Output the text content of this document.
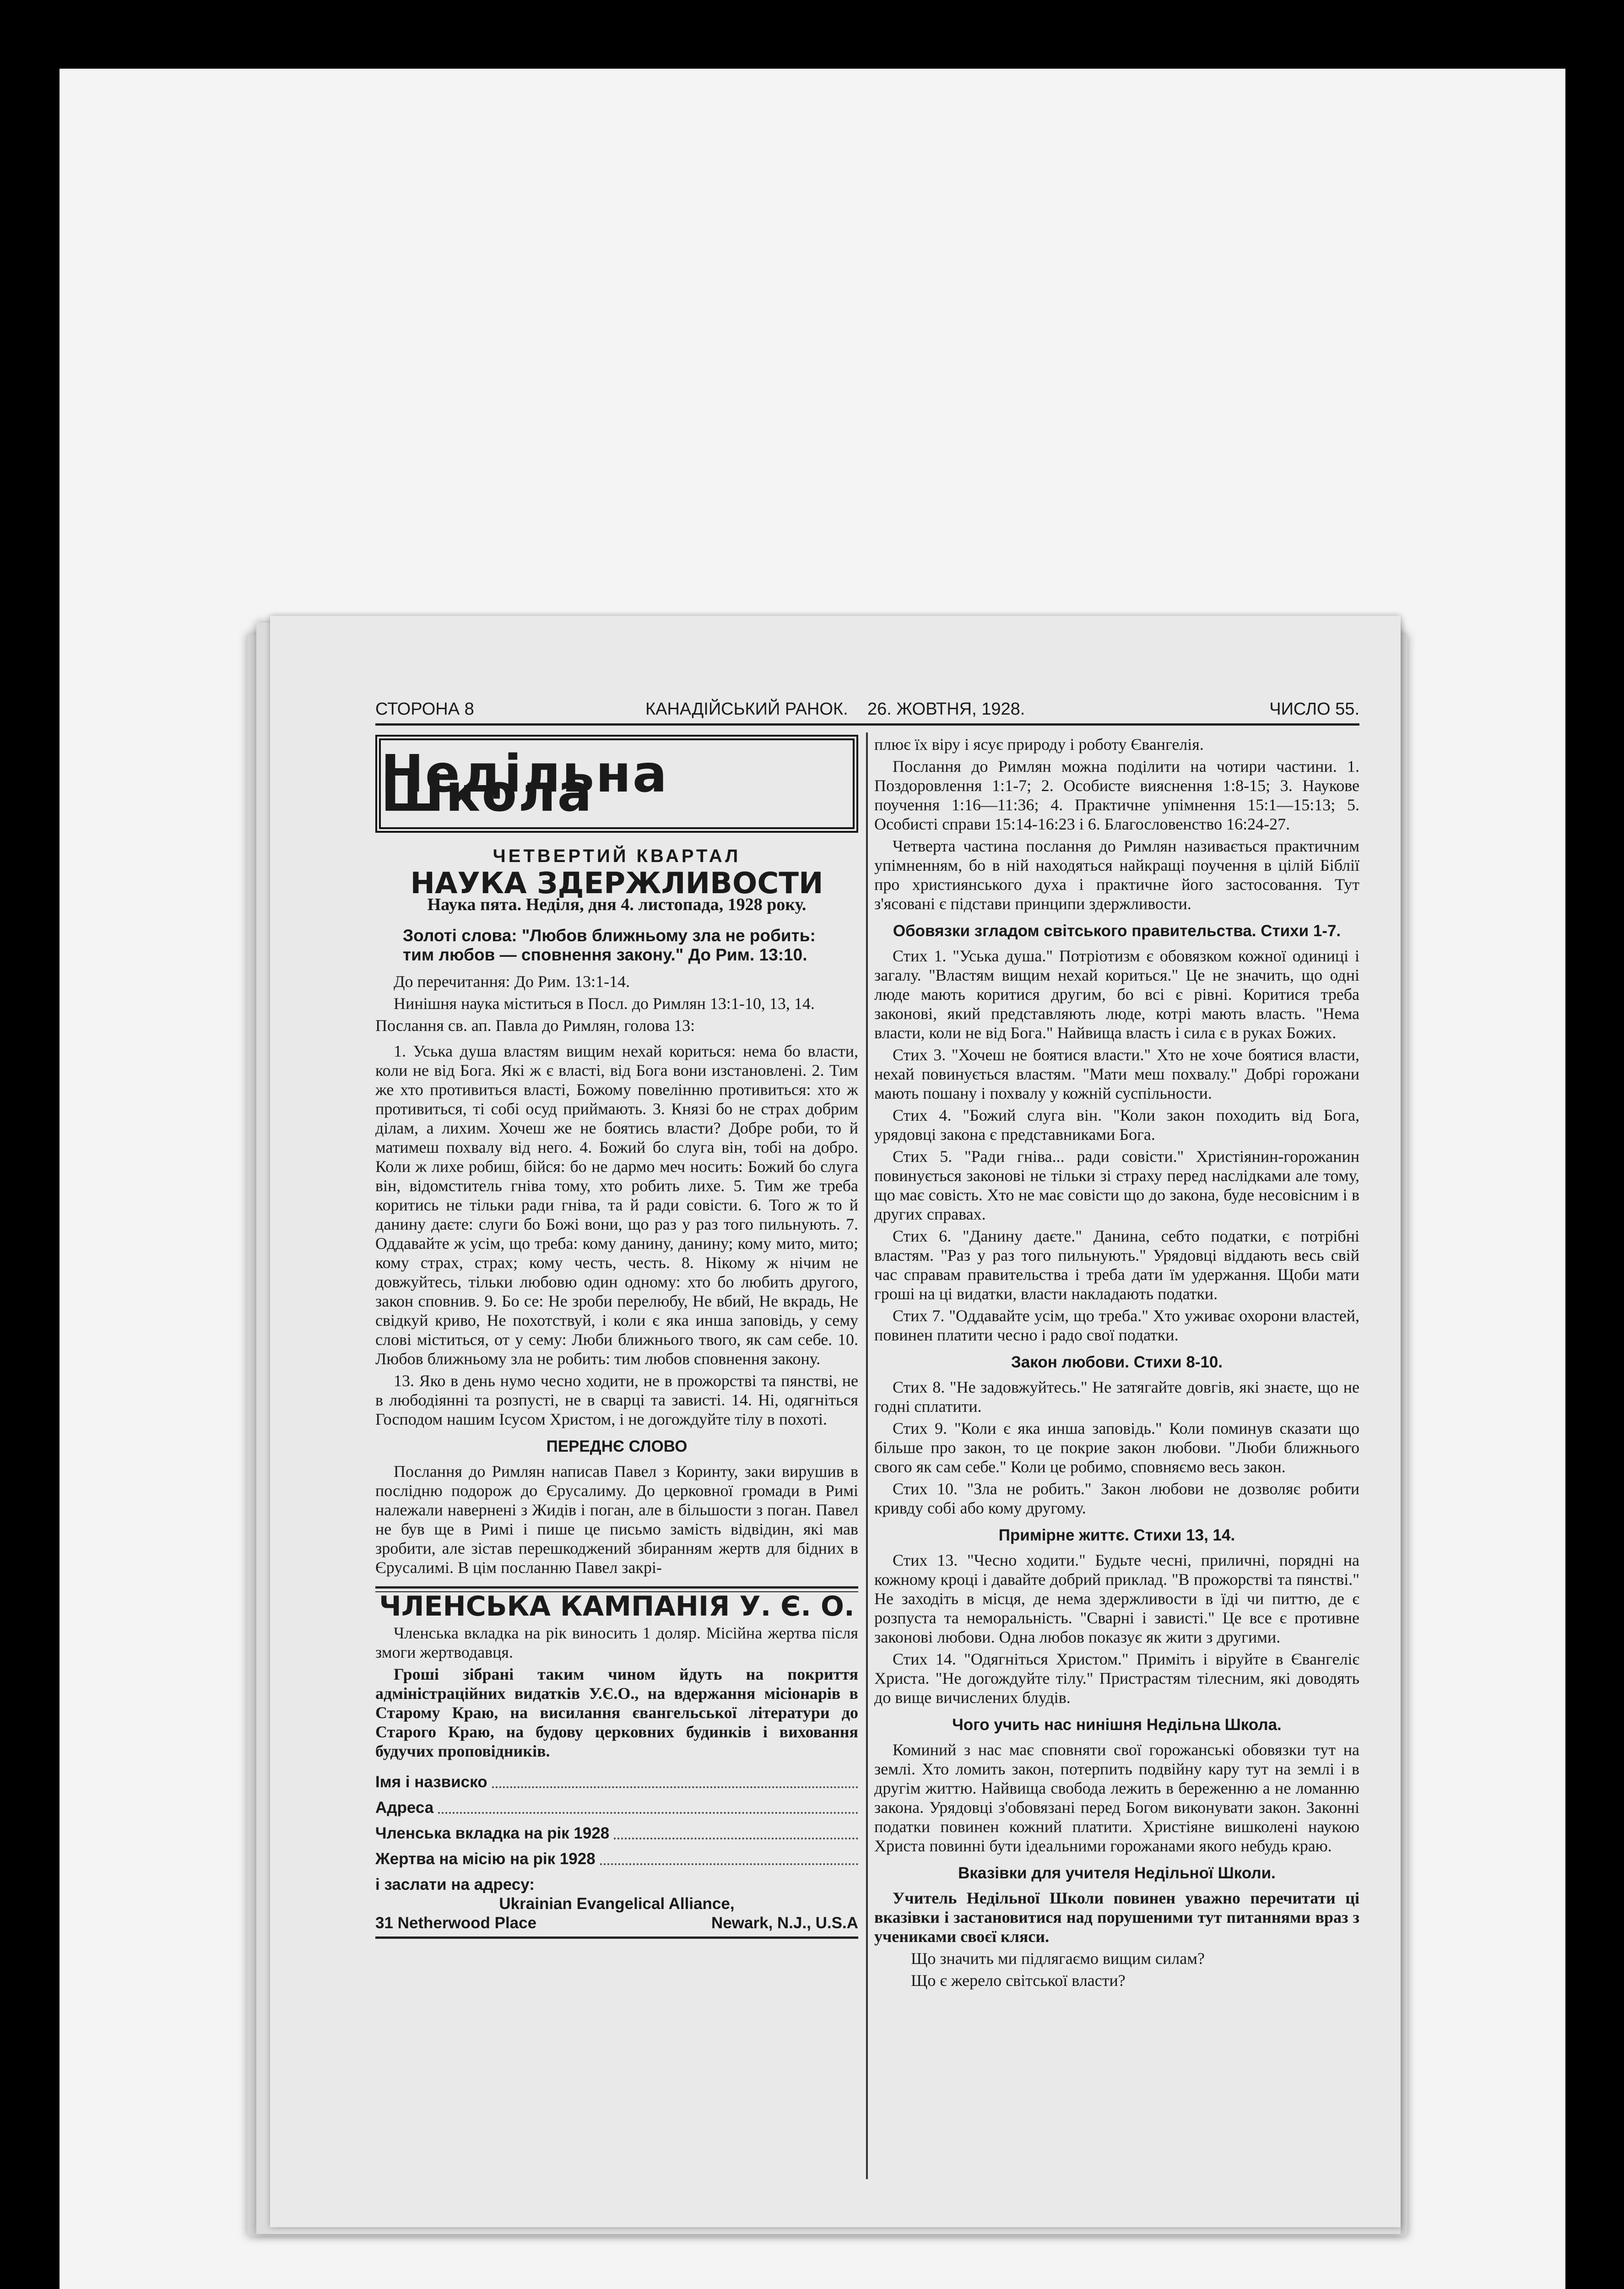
СТОРОНА 8	КАНАДІЙСЬКИЙ РАНОК. 26. ЖОВТНЯ, 1928.	ЧИСЛО 55.
Недільна Школа
ЧЕТВЕРТИЙ КВАРТАЛ
НАУКА ЗДЕРЖЛИВОСТИ
Наука пята. Неділя, дня 4. листопада, 1928 року.
Золоті слова: "Любов ближньому зла не робить:
тим любов — сповнення закону." До Рим. 13:10.

До перечитання: До Рим. 13:1-14.

Нинішня наука міститься в Посл. до Римлян 13:1-10, 13, 14.

Послання св. ап. Павла до Римлян, голова 13:

1. Уська душа властям вищим нехай кориться: нема бо власти, коли не від Бога. Які ж є власті, від Бога вони изстановлені. 2. Тим же хто противиться власті, Божому повелінню противиться: хто ж противиться, ті собі осуд приймають. 3. Князі бо не страх добрим ділам, а лихим. Хочеш же не боятись власти? Добре роби, то й матимеш похвалу від него. 4. Божий бо слуга він, тобі на добро. Коли ж лихе робиш, бійся: бо не дармо меч носить: Божий бо слуга він, відомститель гніва тому, хто робить лихе. 5. Тим же треба коритись не тільки ради гніва, та й ради совісти. 6. Того ж то й данину даєте: слуги бо Божі вони, що раз у раз того пильнують. 7. Оддавайте ж усім, що треба: кому данину, данину; кому мито, мито; кому страх, страх; кому честь, честь. 8. Нікому ж нічим не довжуйтесь, тільки любовю один одному: хто бо любить другого, закон сповнив. 9. Бо се: Не зроби перелюбу, Не вбий, Не вкрадь, Не свідкуй криво, Не похотствуй, і коли є яка инша заповідь, у сему слові міститься, от у сему: Люби ближнього твого, як сам себе. 10. Любов ближньому зла не робить: тим любов сповнення закону.

13. Яко в день нумо чесно ходити, не в прожорстві та пянстві, не в любодіянні та розпусті, не в сварці та зависті. 14. Ні, одягніться Господом нашим Ісусом Христом, і не догождуйте тілу в похоті.

ПЕРЕДНЄ СЛОВО

Послання до Римлян написав Павел з Коринту, заки вирушив в послідню подорож до Єрусалиму. До церковної громади в Римі належали навернені з Жидів і поган, але в більшости з поган. Павел не був ще в Римі і пише це письмо замість відвідин, які мав зробити, але зістав перешкоджений збиранням жертв для бідних в Єрусалимі. В цім посланню Павел закрі-

ЧЛЕНСЬКА КАМПАНІЯ У. Є. О.

Членська вкладка на рік виносить 1 доляр. Місійна жертва після змоги жертводавця.

Гроші зібрані таким чином йдуть на покриття адміністраційних видатків У.Є.О., на вдержання місіонарів в Старому Краю, на висилання євангельської літератури до Старого Краю, на будову церковних будинків і виховання будучих проповідників.

Імя і назвиско
Адреса
Членська вкладка на рік 1928
Жертва на місію на рік 1928
і заслати на адресу:
Ukrainian Evangelical Alliance,
31 Netherwood Place	Newark, N.J., U.S.A

плює їх віру і ясує природу і роботу Євангелія.

Послання до Римлян можна поділити на чотири частини. 1. Поздоровлення 1:1-7; 2. Особисте вияснення 1:8-15; 3. Наукове поучення 1:16—11:36; 4. Практичне упімнення 15:1—15:13; 5. Особисті справи 15:14-16:23 і 6. Благословенство 16:24-27.

Четверта частина послання до Римлян називається практичним упімненням, бо в ній находяться найкращі поучення в цілій Біблії про християнського духа і практичне його застосовання. Тут з'ясовані є підстави принципи здержливости.

Обовязки згладом світського правительства. Стихи 1-7.

Стих 1. "Уська душа." Потріотизм є обовязком кожної одиниці і загалу. "Властям вищим нехай кориться." Це не значить, що одні люде мають коритися другим, бо всі є рівні. Коритися треба законові, який представляють люде, котрі мають власть. "Нема власти, коли не від Бога." Найвища власть і сила є в руках Божих.

Стих 3. "Хочеш не боятися власти." Хто не хоче боятися власти, нехай повинується властям. "Мати меш похвалу." Добрі горожани мають пошану і похвалу у кожній суспільности.

Стих 4. "Божий слуга він. "Коли закон походить від Бога, урядовці закона є представниками Бога.

Стих 5. "Ради гніва... ради совісти." Христіянин-горожанин повинується законові не тільки зі страху перед наслідками але тому, що має совість. Хто не має совісти що до закона, буде несовісним і в других справах.

Стих 6. "Данину даєте." Данина, себто податки, є потрібні властям. "Раз у раз того пильнують." Урядовці віддають весь свій час справам правительства і треба дати їм удержання. Щоби мати гроші на ці видатки, власти накладають податки.

Стих 7. "Оддавайте усім, що треба." Хто уживає охорони властей, повинен платити чесно і радо свої податки.

Закон любови. Стихи 8-10.

Стих 8. "Не задовжуйтесь." Не затягайте довгів, які знаєте, що не годні сплатити.

Стих 9. "Коли є яка инша заповідь." Коли поминув сказати що більше про закон, то це покрие закон любови. "Люби ближнього свого як сам себе." Коли це робимо, сповняємо весь закон.

Стих 10. "Зла не робить." Закон любови не дозволяє робити кривду собі або кому другому.

Примірне життє. Стихи 13, 14.

Стих 13. "Чесно ходити." Будьте чесні, приличні, порядні на кожному кроці і давайте добрий приклад. "В прожорстві та пянстві." Не заходіть в місця, де нема здержливости в їді чи питтю, де є розпуста та неморальність. "Сварні і зависті." Це все є противне законові любови. Одна любов показує як жити з другими.

Стих 14. "Одягніться Христом." Приміть і віруйте в Євангеліє Христа. "Не догождуйте тілу." Пристрастям тілесним, які доводять до вище вичислених блудів.

Чого учить нас нинішня Недільна Школа.

Коминий з нас має сповняти свої горожанські обовязки тут на землі. Хто ломить закон, потерпить подвійну кару тут на землі і в другім життю. Найвища свобода лежить в береженню а не ломанню закона. Урядовці з'обовязані перед Богом виконувати закон. Законні податки повинен кожний платити. Христіяне вишколені наукою Христа повинні бути ідеальними горожанами якого небудь краю.

Вказівки для учителя Недільної Школи.

Учитель Недільної Школи повинен уважно перечитати ці вказівки і застановитися над порушеними тут питаннями враз з учениками своєї кляси.

Що значить ми підлягаємо вищим силам?

Що є жерело світської власти?
